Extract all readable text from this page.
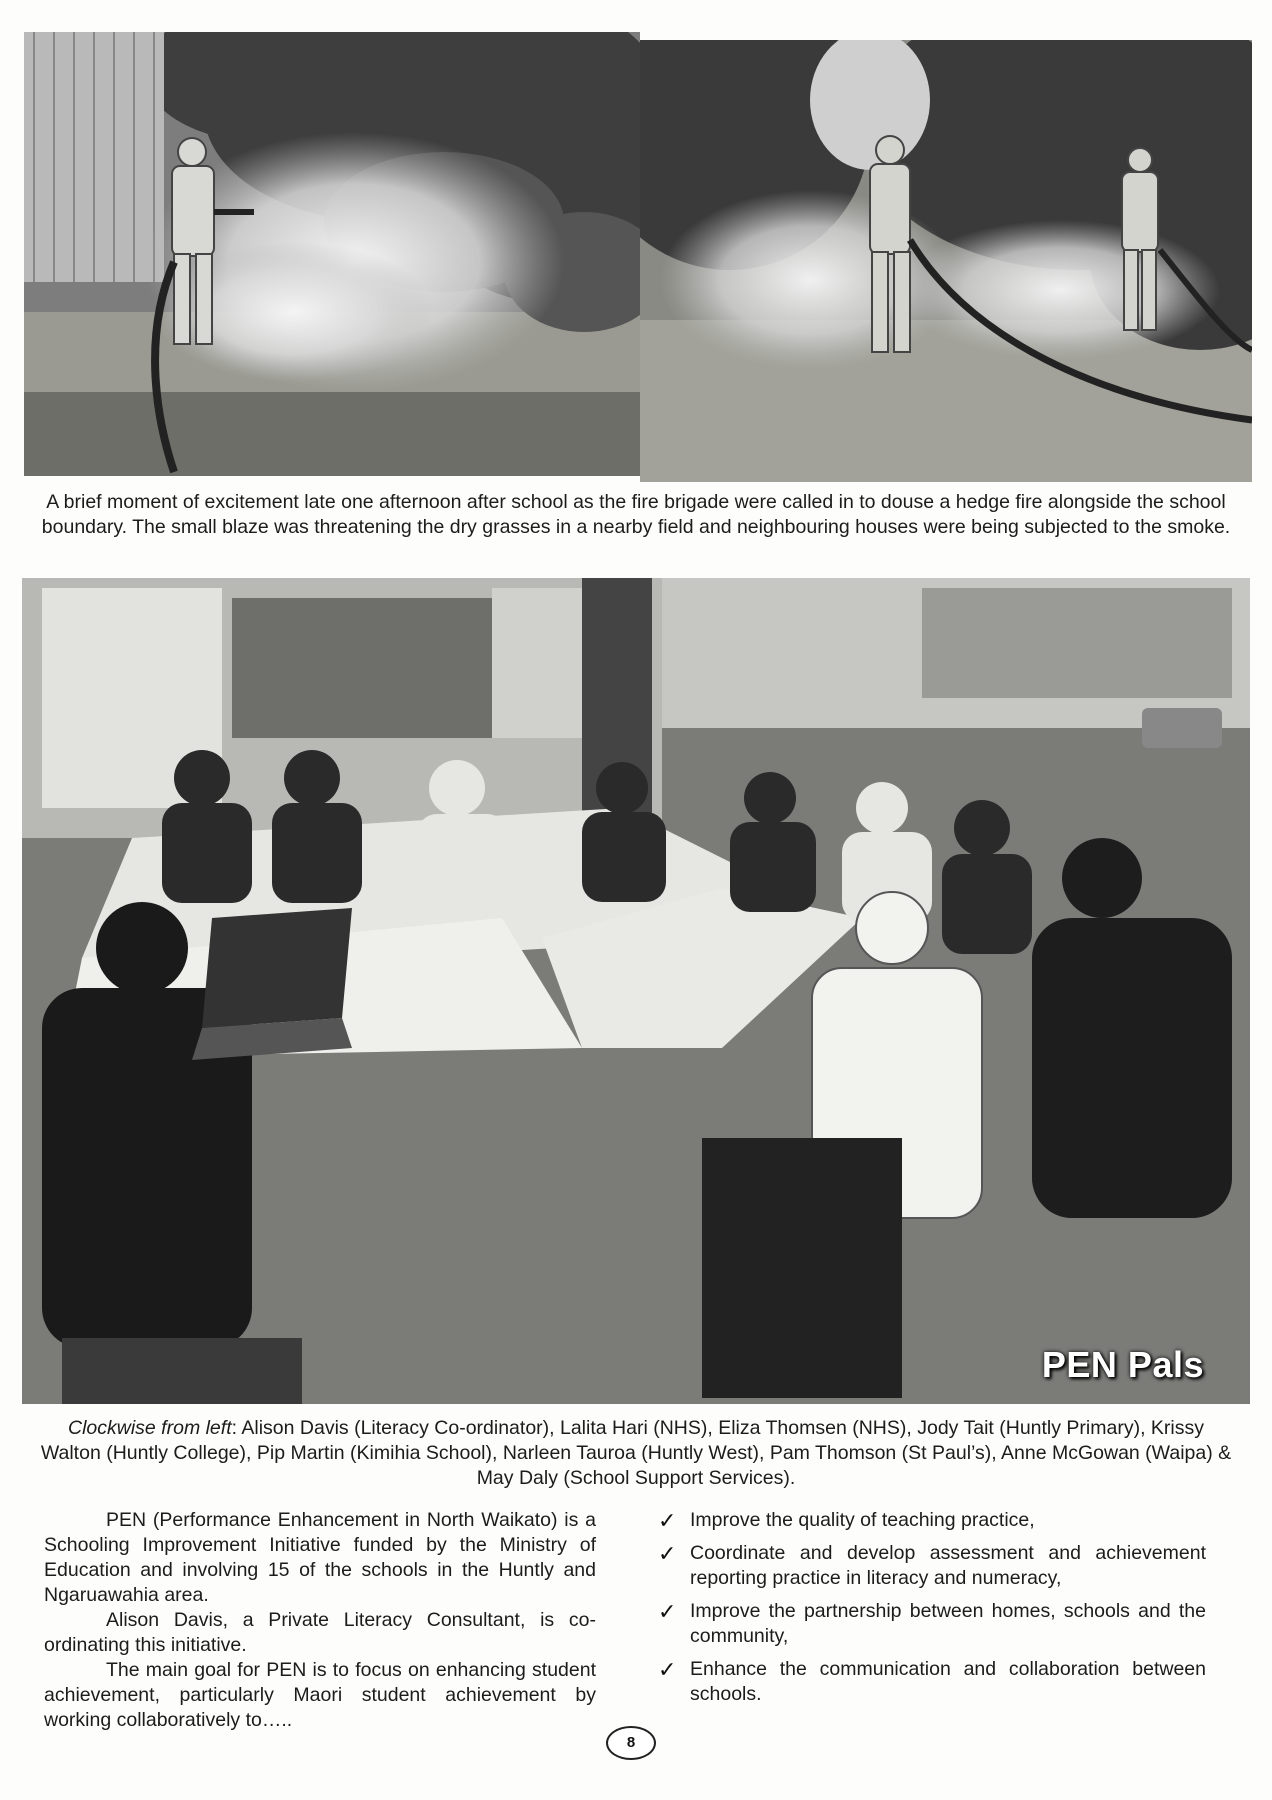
A brief moment of excitement late one afternoon after school as the fire brigade were called in to douse a hedge fire alongside the school boundary. The small blaze was threatening the dry grasses in a nearby field and neighbouring houses were being subjected to the smoke.
PEN Pals
Clockwise from left: Alison Davis (Literacy Co-ordinator), Lalita Hari (NHS), Eliza Thomsen (NHS), Jody Tait (Huntly Primary), Krissy Walton (Huntly College), Pip Martin (Kimihia School), Narleen Tauroa (Huntly West), Pam Thomson (St Paul’s), Anne McGowan (Waipa) & May Daly (School Support Services).

PEN (Performance Enhancement in North Waikato) is a Schooling Improvement Initiative funded by the Ministry of Education and involving 15 of the schools in the Huntly and Ngaruawahia area.

Alison Davis, a Private Literacy Consultant, is co-ordinating this initiative.

The main goal for PEN is to focus on enhancing student achievement, particularly Maori student achievement by working collaboratively to…..

✓ Improve the quality of teaching practice,
✓ Coordinate and develop assessment and achievement reporting practice in literacy and numeracy,
✓ Improve the partnership between homes, schools and the community,
✓ Enhance the communication and collaboration between schools.
8
